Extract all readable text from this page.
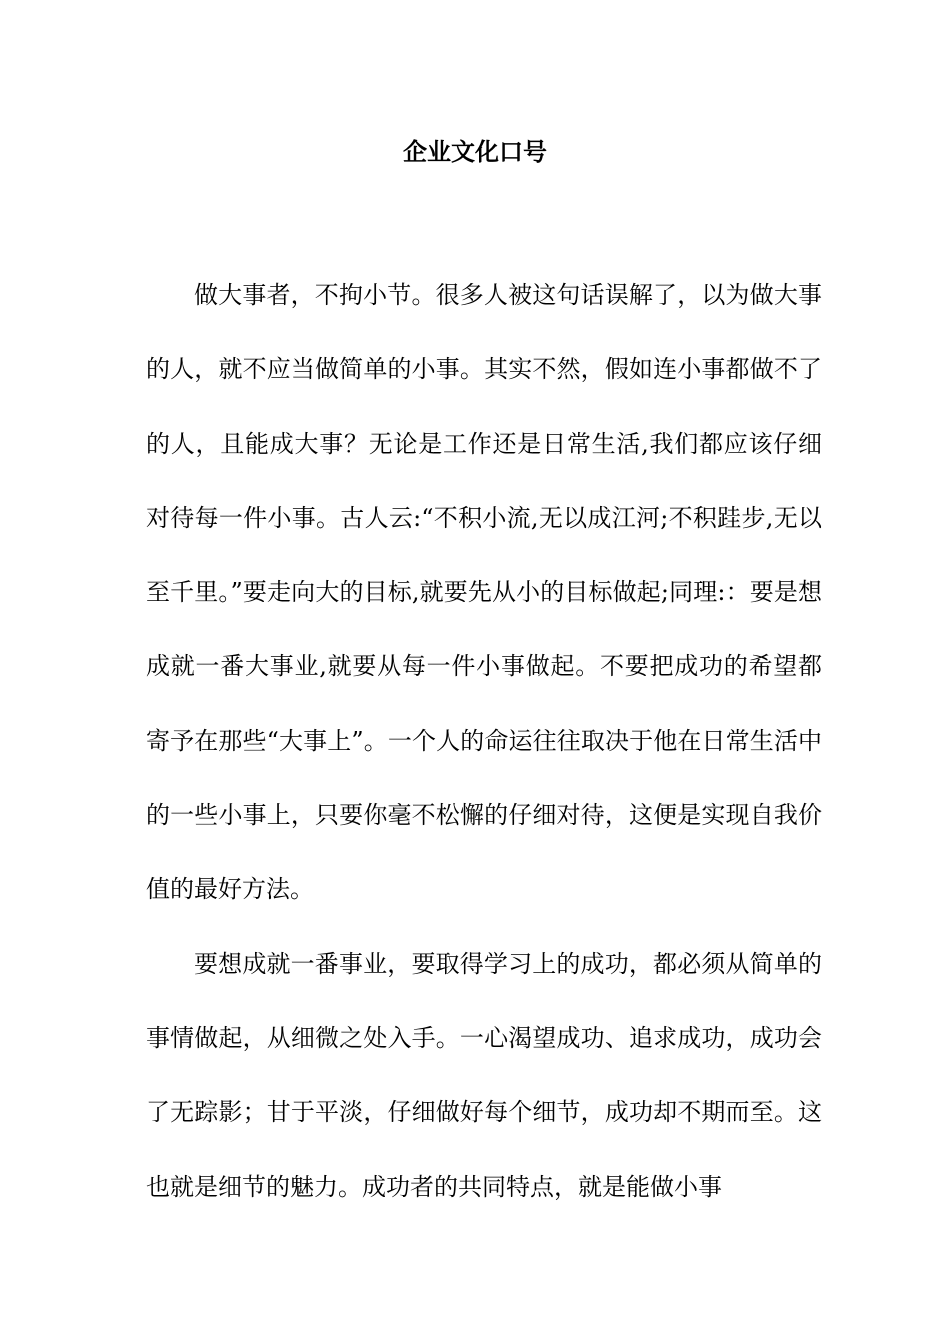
企业文化口号

做大事者，不拘小节。很多人被这句话误解了，以为做大事的人，就不应当做简单的小事。其实不然，假如连小事都做不了的人，且能成大事？无论是工作还是日常生活,我们都应该仔细对待每一件小事。古人云:“不积小流,无以成江河;不积跬步,无以至千里。”要走向大的目标,就要先从小的目标做起;同理:：要是想成就一番大事业,就要从每一件小事做起。不要把成功的希望都寄予在那些“大事上”。一个人的命运往往取决于他在日常生活中的一些小事上，只要你毫不松懈的仔细对待，这便是实现自我价值的最好方法。

要想成就一番事业，要取得学习上的成功，都必须从简单的事情做起，从细微之处入手。一心渴望成功、追求成功，成功会了无踪影；甘于平淡，仔细做好每个细节，成功却不期而至。这也就是细节的魅力。成功者的共同特点，就是能做小事
